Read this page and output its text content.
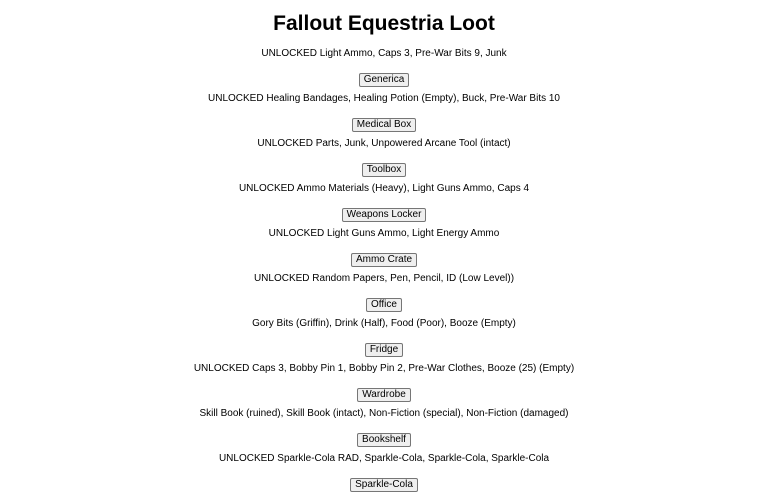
Fallout Equestria Loot

UNLOCKED Light Ammo, Caps 3, Pre-War Bits 9, Junk

Generica

UNLOCKED Healing Bandages, Healing Potion (Empty), Buck, Pre-War Bits 10

Medical Box

UNLOCKED Parts, Junk, Unpowered Arcane Tool (intact)

Toolbox

UNLOCKED Ammo Materials (Heavy), Light Guns Ammo, Caps 4

Weapons Locker

UNLOCKED Light Guns Ammo, Light Energy Ammo

Ammo Crate

UNLOCKED Random Papers, Pen, Pencil, ID (Low Level))

Office

Gory Bits (Griffin), Drink (Half), Food (Poor), Booze (Empty)

Fridge

UNLOCKED Caps 3, Bobby Pin 1, Bobby Pin 2, Pre-War Clothes, Booze (25) (Empty)

Wardrobe

Skill Book (ruined), Skill Book (intact), Non-Fiction (special), Non-Fiction (damaged)

Bookshelf

UNLOCKED Sparkle-Cola RAD, Sparkle-Cola, Sparkle-Cola, Sparkle-Cola

Sparkle-Cola
